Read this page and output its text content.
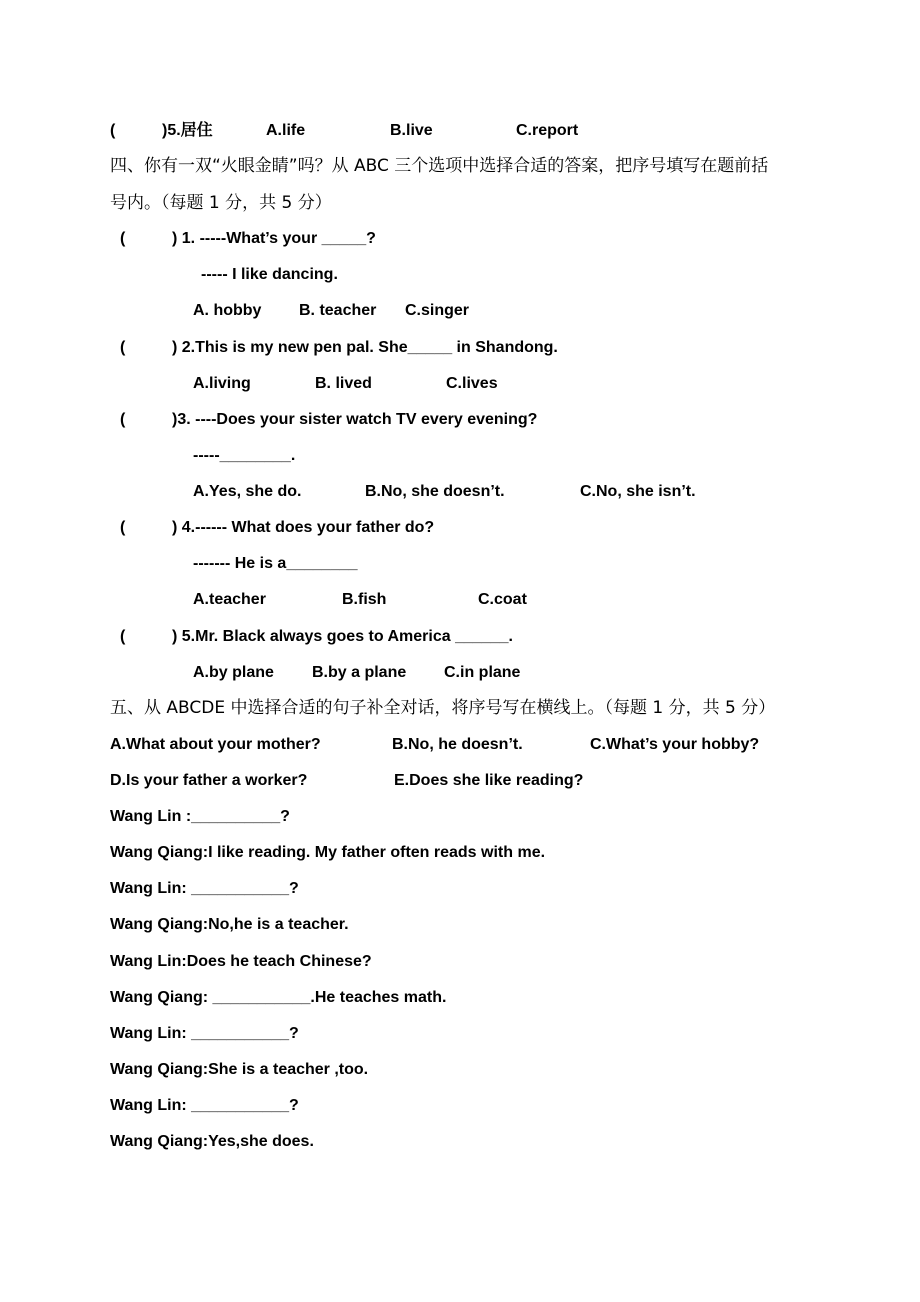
(	)5.居住	A.life	B.live	C.report
四、你有一双“火眼金睛”吗？从 ABC 三个选项中选择合适的答案，把序号填写在题前括
号内。（每题 1 分，共 5 分）
(	) 1. -----What’s your _____?
----- I like dancing.
A. hobby B. teacher C.singer
(	) 2.This is my new pen pal. She_____ in Shandong.
A.living	B. lived	C.lives
(	)3. ----Does your sister watch TV every evening?
-----________.
A.Yes, she do.	B.No, she doesn’t.	C.No, she isn’t.
(	) 4.------ What does your father do?
------- He is a________
A.teacher	B.fish	C.coat
(	) 5.Mr. Black always goes to America ______.
A.by plane B.by a plane C.in plane
五、从 ABCDE 中选择合适的句子补全对话，将序号写在横线上。（每题 1 分，共 5 分）
A.What about your mother?	B.No, he doesn’t.	C.What’s your hobby?
D.Is your father a worker?	E.Does she like reading?
Wang Lin :__________?
Wang Qiang:I like reading. My father often reads with me.
Wang Lin: ___________?
Wang Qiang:No,he is a teacher.
Wang Lin:Does he teach Chinese?
Wang Qiang: ___________.He teaches math.
Wang Lin: ___________?
Wang Qiang:She is a teacher ,too.
Wang Lin: ___________?
Wang Qiang:Yes,she does.
